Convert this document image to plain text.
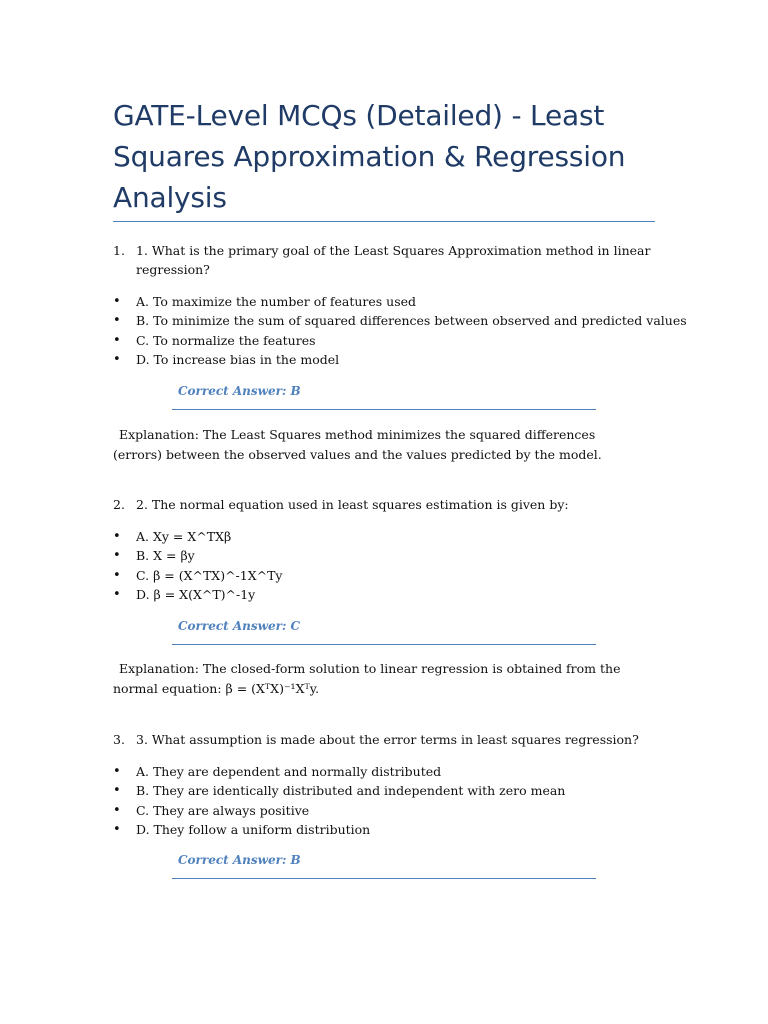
GATE-Level MCQs (Detailed) - Least Squares Approximation & Regression Analysis
1. 1. What is the primary goal of the Least Squares Approximation method in linear regression?
• A. To maximize the number of features used
• B. To minimize the sum of squared differences between observed and predicted values
• C. To normalize the features
• D. To increase bias in the model
Correct Answer: B
Explanation: The Least Squares method minimizes the squared differences (errors) between the observed values and the values predicted by the model.
2. 2. The normal equation used in least squares estimation is given by:
• A. Xy = X^TXβ
• B. X = βy
• C. β = (X^TX)^-1X^Ty
• D. β = X(X^T)^-1y
Correct Answer: C
Explanation: The closed-form solution to linear regression is obtained from the normal equation: β = (XᵀX)⁻¹Xᵀy.
3. 3. What assumption is made about the error terms in least squares regression?
• A. They are dependent and normally distributed
• B. They are identically distributed and independent with zero mean
• C. They are always positive
• D. They follow a uniform distribution
Correct Answer: B
